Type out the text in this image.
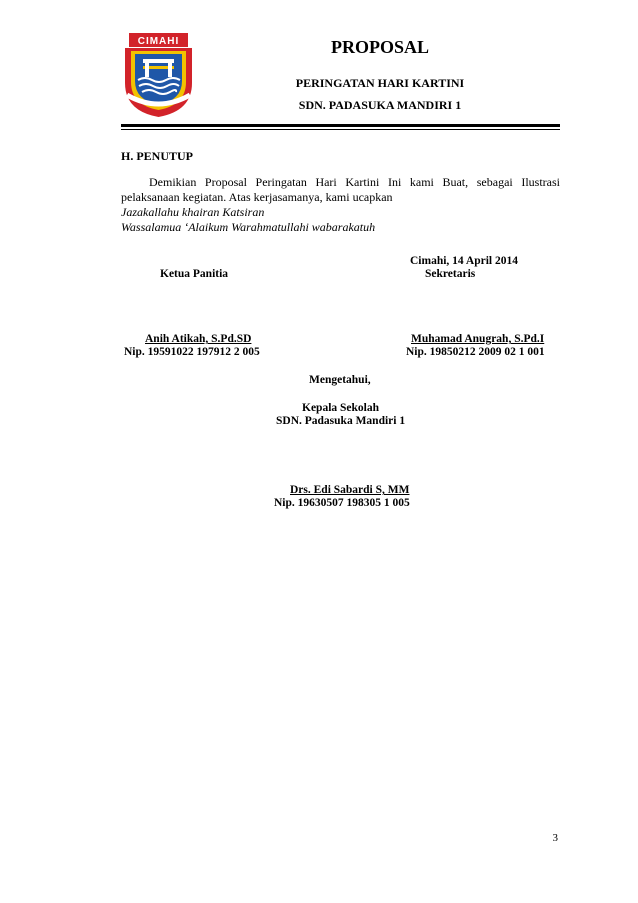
CIMAHI	PROPOSAL
PERINGATAN HARI KARTINI
SDN. PADASUKA MANDIRI 1
H. PENUTUP

Demikian Proposal Peringatan Hari Kartini Ini kami Buat, sebagai Ilustrasi pelaksanaan kegiatan. Atas kerjasamanya, kami ucapkan

Jazakallahu khairan Katsiran
Wassalamua ‘Alaikum Warahmatullahi wabarakatuh
Cimahi, 14 April 2014
Ketua Panitia	Sekretaris
Anih Atikah, S.Pd.SD
Nip. 19591022 197912 2 005
Muhamad Anugrah, S.Pd.I
Nip. 19850212 2009 02 1 001
Mengetahui,
Kepala Sekolah
SDN. Padasuka Mandiri 1
Drs. Edi Sabardi S, MM
Nip. 19630507 198305 1 005
3
